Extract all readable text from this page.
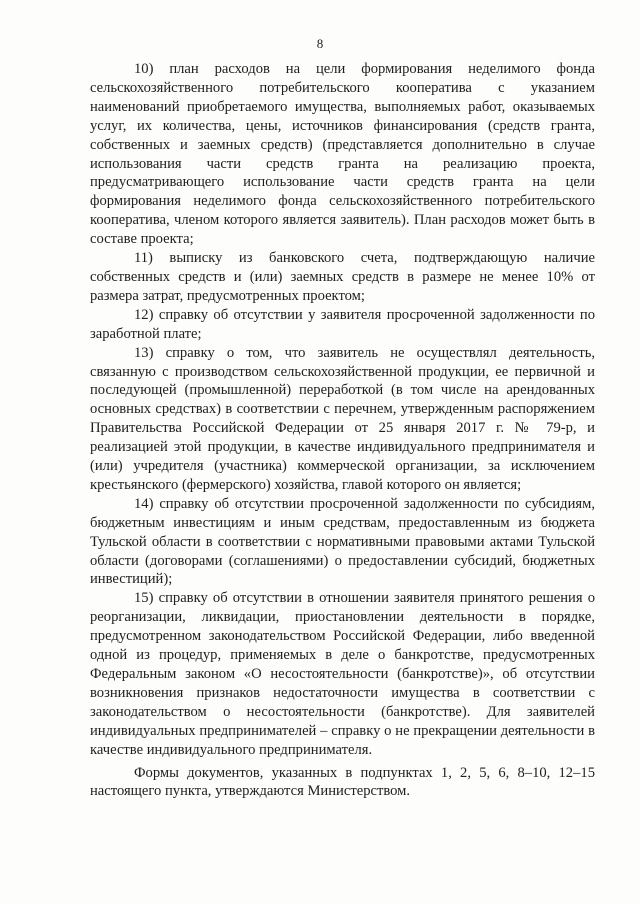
8

10) план расходов на цели формирования неделимого фонда сельскохозяйственного потребительского кооператива с указанием наименований приобретаемого имущества, выполняемых работ, оказываемых услуг, их количества, цены, источников финансирования (средств гранта, собственных и заемных средств) (представляется дополнительно в случае использования части средств гранта на реализацию проекта, предусматривающего использование части средств гранта на цели формирования неделимого фонда сельскохозяйственного потребительского кооператива, членом которого является заявитель). План расходов может быть в составе проекта;

11) выписку из банковского счета, подтверждающую наличие собственных средств и (или) заемных средств в размере не менее 10% от размера затрат, предусмотренных проектом;

12) справку об отсутствии у заявителя просроченной задолженности по заработной плате;

13) справку о том, что заявитель не осуществлял деятельность, связанную с производством сельскохозяйственной продукции, ее первичной и последующей (промышленной) переработкой (в том числе на арендованных основных средствах) в соответствии с перечнем, утвержденным распоряжением Правительства Российской Федерации от 25 января 2017 г. № 79-р, и реализацией этой продукции, в качестве индивидуального предпринимателя и (или) учредителя (участника) коммерческой организации, за исключением крестьянского (фермерского) хозяйства, главой которого он является;

14) справку об отсутствии просроченной задолженности по субсидиям, бюджетным инвестициям и иным средствам, предоставленным из бюджета Тульской области в соответствии с нормативными правовыми актами Тульской области (договорами (соглашениями) о предоставлении субсидий, бюджетных инвестиций);

15) справку об отсутствии в отношении заявителя принятого решения о реорганизации, ликвидации, приостановлении деятельности в порядке, предусмотренном законодательством Российской Федерации, либо введенной одной из процедур, применяемых в деле о банкротстве, предусмотренных Федеральным законом «О несостоятельности (банкротстве)», об отсутствии возникновения признаков недостаточности имущества в соответствии с законодательством о несостоятельности (банкротстве). Для заявителей индивидуальных предпринимателей – справку о не прекращении деятельности в качестве индивидуального предпринимателя.

Формы документов, указанных в подпунктах 1, 2, 5, 6, 8–10, 12–15 настоящего пункта, утверждаются Министерством.
